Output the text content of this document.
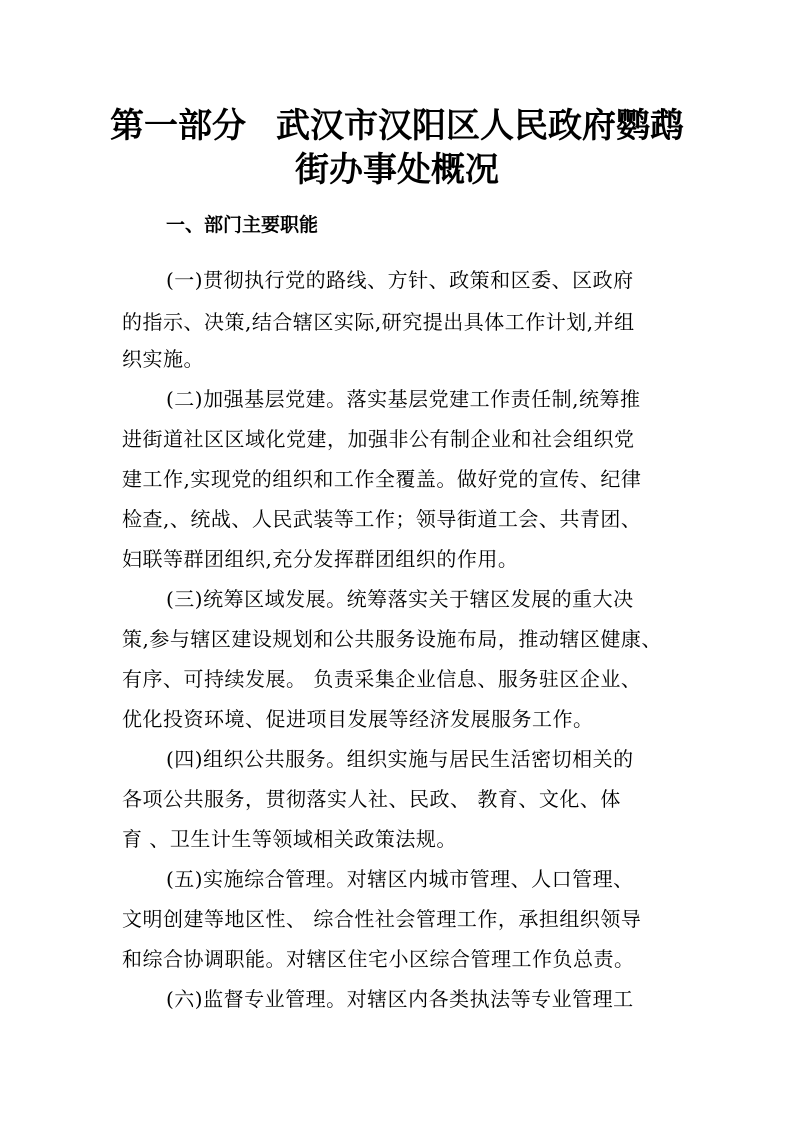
第一部分 武汉市汉阳区人民政府鹦鹉
街办事处概况
一、部门主要职能
(一)贯彻执行党的路线、方针、政策和区委、区政府
的指示、决策,结合辖区实际,研究提出具体工作计划,并组
织实施。
(二)加强基层党建。落实基层党建工作责任制,统筹推
进街道社区区域化党建，加强非公有制企业和社会组织党
建工作,实现党的组织和工作全覆盖。做好党的宣传、纪律
检查,、统战、人民武装等工作；领导街道工会、共青团、
妇联等群团组织,充分发挥群团组织的作用。
(三)统筹区域发展。统筹落实关于辖区发展的重大决
策,参与辖区建设规划和公共服务设施布局，推动辖区健康、
有序、可持续发展。 负责采集企业信息、服务驻区企业、
优化投资环境、促进项目发展等经济发展服务工作。
(四)组织公共服务。组织实施与居民生活密切相关的
各项公共服务，贯彻落实人社、民政、 教育、文化、体
育 、卫生计生等领域相关政策法规。
(五)实施综合管理。对辖区内城市管理、人口管理、
文明创建等地区性、 综合性社会管理工作，承担组织领导
和综合协调职能。对辖区住宅小区综合管理工作负总责。
(六)监督专业管理。对辖区内各类执法等专业管理工
